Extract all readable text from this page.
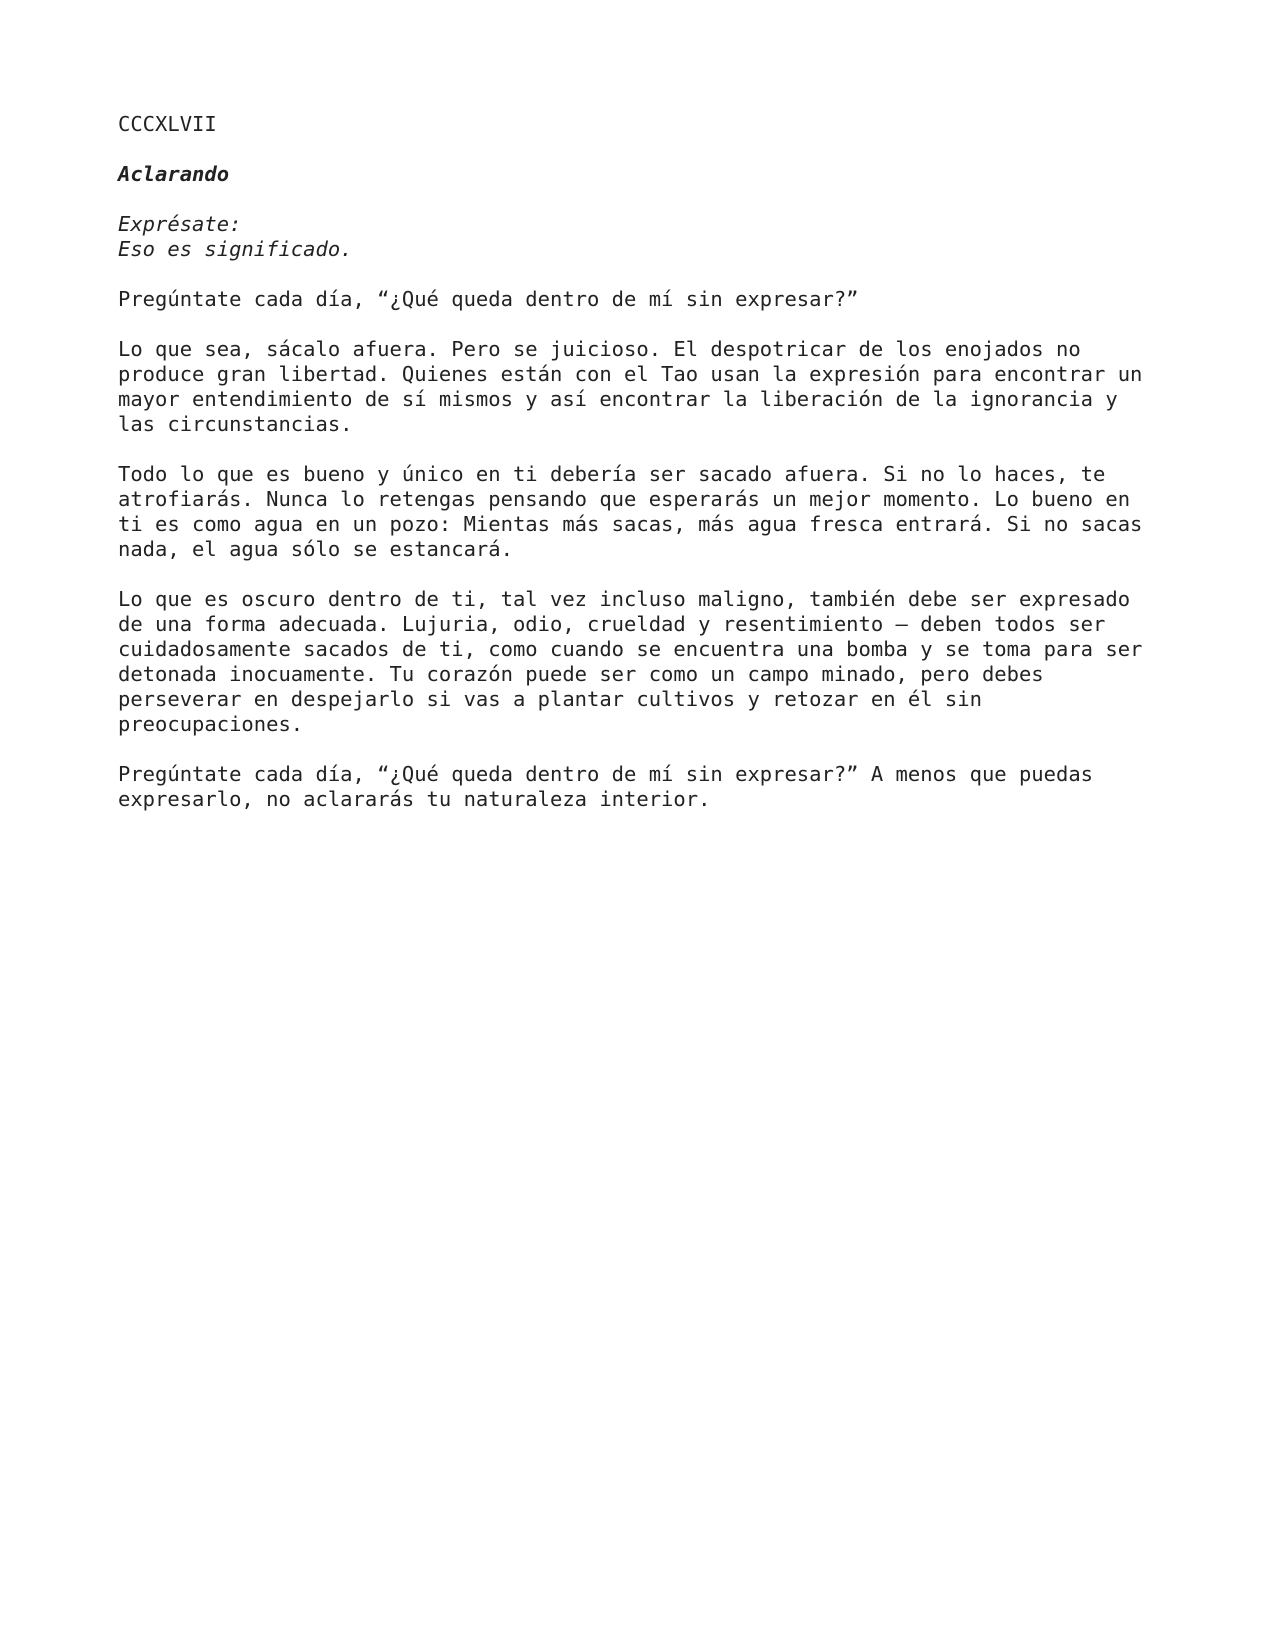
CCCXLVII
Aclarando
Exprésate:
Eso es significado.
Pregúntate cada día, “¿Qué queda dentro de mí sin expresar?”
Lo que sea, sácalo afuera. Pero se juicioso. El despotricar de los enojados no
produce gran libertad. Quienes están con el Tao usan la expresión para encontrar un
mayor entendimiento de sí mismos y así encontrar la liberación de la ignorancia y
las circunstancias.
Todo lo que es bueno y único en ti debería ser sacado afuera. Si no lo haces, te
atrofiarás. Nunca lo retengas pensando que esperarás un mejor momento. Lo bueno en
ti es como agua en un pozo: Mientas más sacas, más agua fresca entrará. Si no sacas
nada, el agua sólo se estancará.
Lo que es oscuro dentro de ti, tal vez incluso maligno, también debe ser expresado
de una forma adecuada. Lujuria, odio, crueldad y resentimiento – deben todos ser
cuidadosamente sacados de ti, como cuando se encuentra una bomba y se toma para ser
detonada inocuamente. Tu corazón puede ser como un campo minado, pero debes
perseverar en despejarlo si vas a plantar cultivos y retozar en él sin
preocupaciones.
Pregúntate cada día, “¿Qué queda dentro de mí sin expresar?” A menos que puedas
expresarlo, no aclararás tu naturaleza interior.
